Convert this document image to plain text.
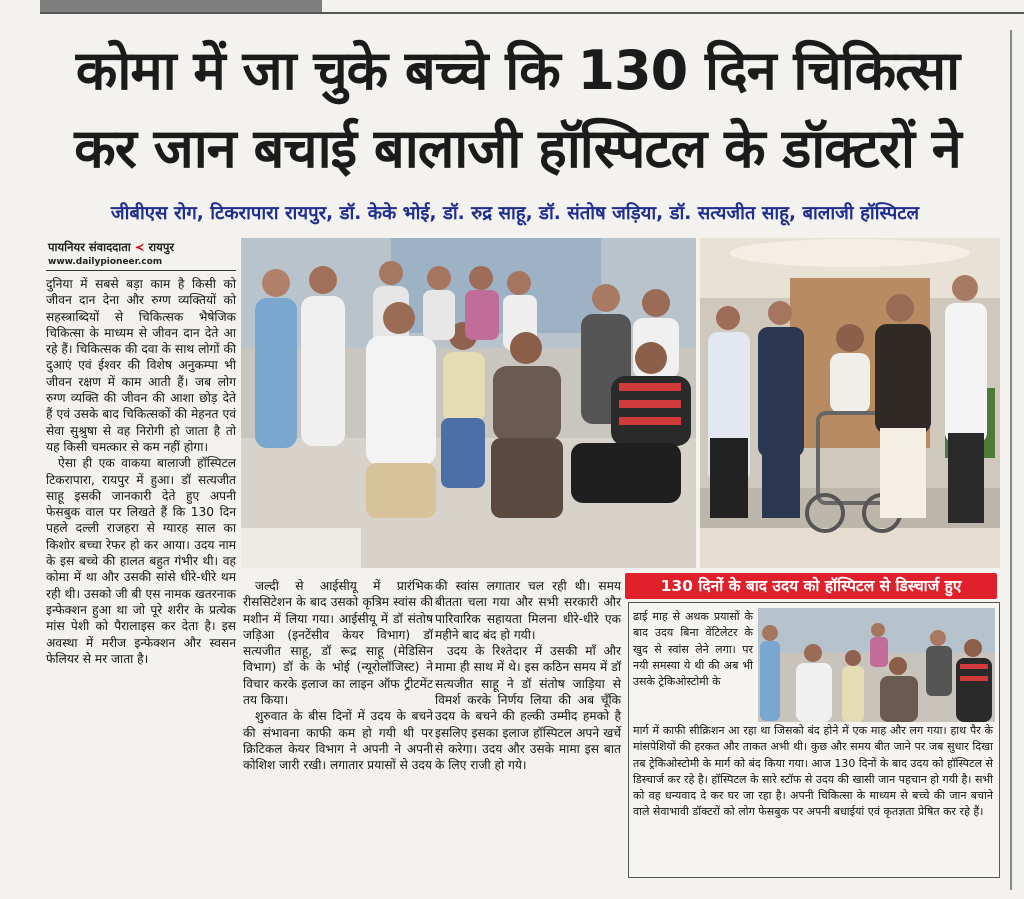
कोमा में जा चुके बच्चे कि 130 दिन चिकित्सा
कर जान बचाई बालाजी हॉस्पिटल के डॉक्टरों ने
जीबीएस रोग, टिकरापारा रायपुर, डॉ. केके भोई, डॉ. रुद्र साहू, डॉ. संतोष जड़िया, डॉ. सत्यजीत साहू, बालाजी हॉस्पिटल
पायनियर संवाददाता ≺ रायपुर
www.dailypioneer.com

दुनिया में सबसे बड़ा काम है किसी को जीवन दान देना और रुग्ण व्यक्तियों को सहस्त्राब्दियों से चिकित्सक भैषेजिक चिकित्सा के माध्यम से जीवन दान देते आ रहे हैं। चिकित्सक की दवा के साथ लोगों की दुआएं एवं ईश्वर की विशेष अनुकम्पा भी जीवन रक्षण में काम आती हैं। जब लोग रुग्ण व्यक्ति की जीवन की आशा छोड़ देते हैं एवं उसके बाद चिकित्सकों की मेहनत एवं सेवा सुश्रुषा से वह निरोगी हो जाता है तो यह किसी चमत्कार से कम नहीं होगा।

ऐसा ही एक वाकया बालाजी हॉस्पिटल टिकरापारा, रायपुर में हुआ। डॉ सत्यजीत साहू इसकी जानकारी देते हुए अपनी फेसबुक वाल पर लिखते हैं कि 130 दिन पहले दल्ली राजहरा से ग्यारह साल का किशोर बच्चा रेफर हो कर आया। उदय नाम के इस बच्चे की हालत बहुत गंभीर थी। वह कोमा में था और उसकी सांसे धीरे-धीरे थम रही थी। उसको जी बी एस नामक खतरनाक इन्फेक्शन हुआ था जो पूरे शरीर के प्रत्येक मांस पेशी को पैरालाइस कर देता है। इस अवस्था में मरीज इन्फेक्शन और स्वसन फेलियर से मर जाता है।

जल्दी से आईसीयू में प्रारंभिक रीससिटेशन के बाद उसको कृत्रिम स्वांस की मशीन में लिया गया। आईसीयू में डॉ संतोष जड़िआ (इनटेंसीव केयर विभाग) डॉ सत्यजीत साहू, डॉ रूद्र साहू (मेडिसिन विभाग) डॉ के के भोई (न्यूरोलॉजिस्ट) ने विचार करके इलाज का लाइन ऑफ ट्रीटमेंट तय किया।

शुरुवात के बीस दिनों में उदय के बचने की संभावना काफी कम हो गयी थी पर क्रिटिकल केयर विभाग ने अपनी ने अपनी कोशिश जारी रखी। लगातार प्रयासों से उदय

की स्वांस लगातार चल रही थी। समय बीतता चला गया और सभी सरकारी और पारिवारिक सहायता मिलना धीरे-धीरे एक महीने बाद बंद हो गयी।

उदय के रिश्तेदार में उसकी माँ और मामा ही साथ में थे। इस कठिन समय में डॉ सत्यजीत साहू ने डॉ संतोष जाड़िया से विमर्श करके निर्णय लिया की अब चूँकि उदय के बचने की हल्की उम्मीद हमको है इसलिए इसका इलाज हॉस्पिटल अपने खर्चे से करेगा। उदय और उसके मामा इस बात के लिए राजी हो गये।

130 दिनों के बाद उदय को हॉस्पिटल से डिस्चार्ज हुए
ढाई माह से अथक प्रयासों के बाद उदय बिना वेंटिलेटर के खुद से स्वांस लेने लगा। पर नयी समस्या ये थी की अब भी उसके ट्रेकिओस्टोमी के
मार्ग में काफी सीक्रिशन आ रहा था जिसको बंद होने में एक माह और लग गया। हाथ पैर के मांसपेशियों की हरकत और ताकत अभी थी। कुछ और समय बीत जाने पर जब सुधार दिखा तब ट्रेकिओस्टोमी के मार्ग को बंद किया गया। आज 130 दिनों के बाद उदय को हॉस्पिटल से डिस्चार्ज कर रहे है। हॉस्पिटल के सारे स्टॉफ से उदय की खासी जान पहचान हो गयी है। सभी को वह धन्यवाद दे कर घर जा रहा है। अपनी चिकित्सा के माध्यम से बच्चे की जान बचाने वाले सेवाभावी डॉक्टरों को लोग फेसबुक पर अपनी बधाईयां एवं कृतज्ञता प्रेषित कर रहे हैं।
